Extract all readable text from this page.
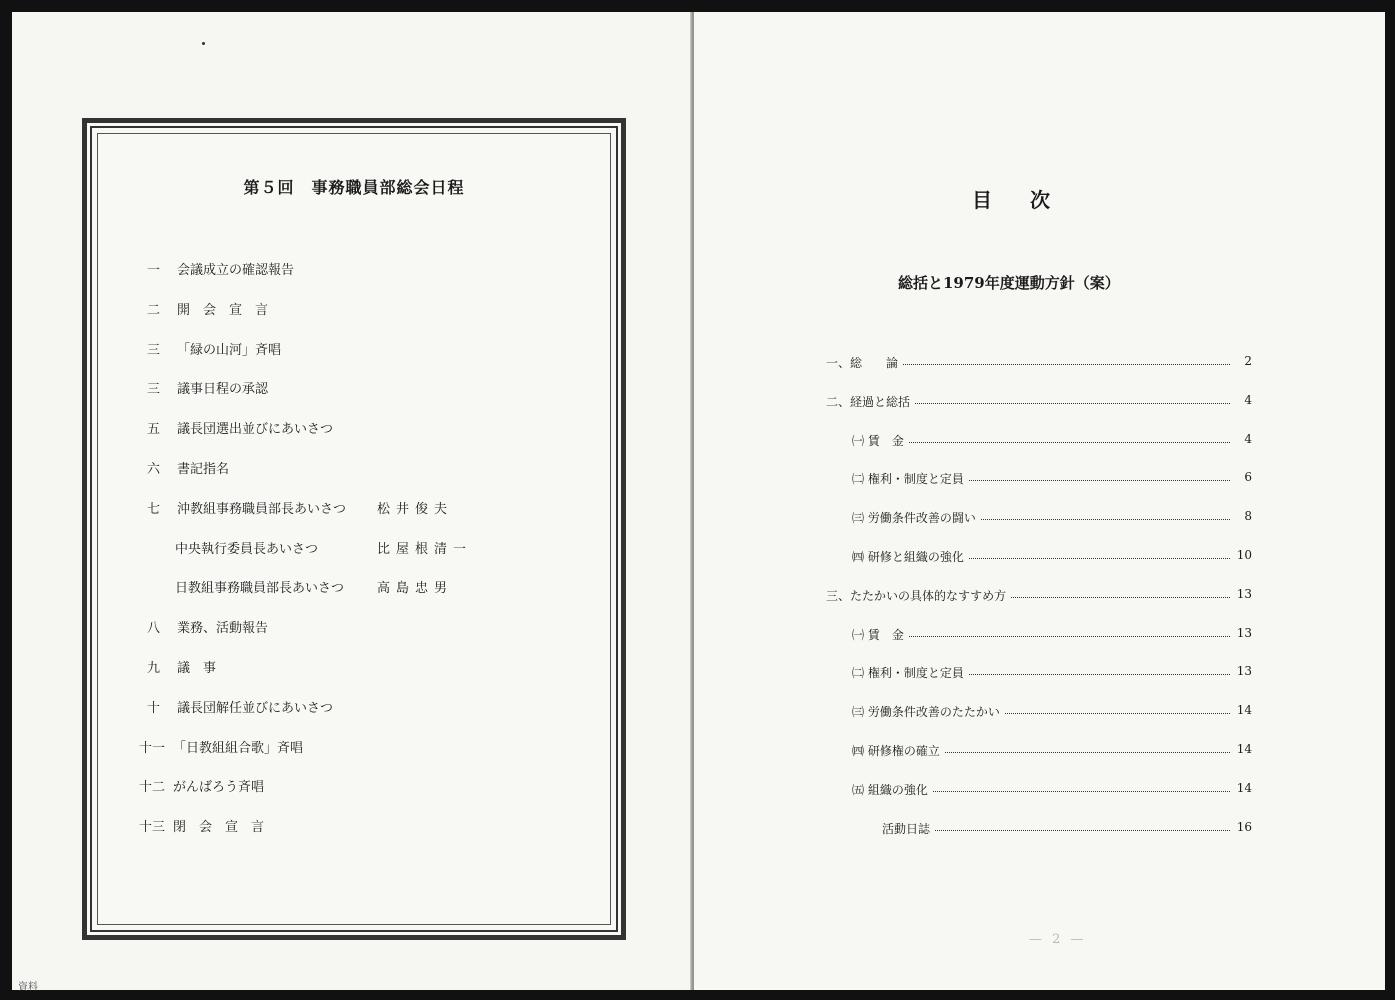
第５回　事務職員部総会日程
一 会議成立の確認報告
二 開　会　宣　言
三 「緑の山河」斉唱
三 議事日程の承認
五 議長団選出並びにあいさつ
六 書記指名
七 沖教組事務職員部長あいさつ 松井俊夫
中央執行委員長あいさつ	比屋根清一
日教組事務職員部長あいさつ	高島忠男
八 業務、活動報告
九 議　事
十 議長団解任並びにあいさつ
十一 「日教組組合歌」斉唱
十二 がんばろう斉唱
十三 閉　会　宣　言
資料
目次
総括と1979年度運動方針（案）
一、総　　論	2
二、経過と総括	4
㈠ 賃　金	4
㈡ 権利・制度と定員	6
㈢ 労働条件改善の闘い	8
㈣ 研修と組織の強化	10
三、たたかいの具体的なすすめ方	13
㈠ 賃　金	13
㈡ 権利・制度と定員	13
㈢ 労働条件改善のたたかい	14
㈣ 研修権の確立	14
㈤ 組織の強化	14
活動日誌	16
— 2 —
